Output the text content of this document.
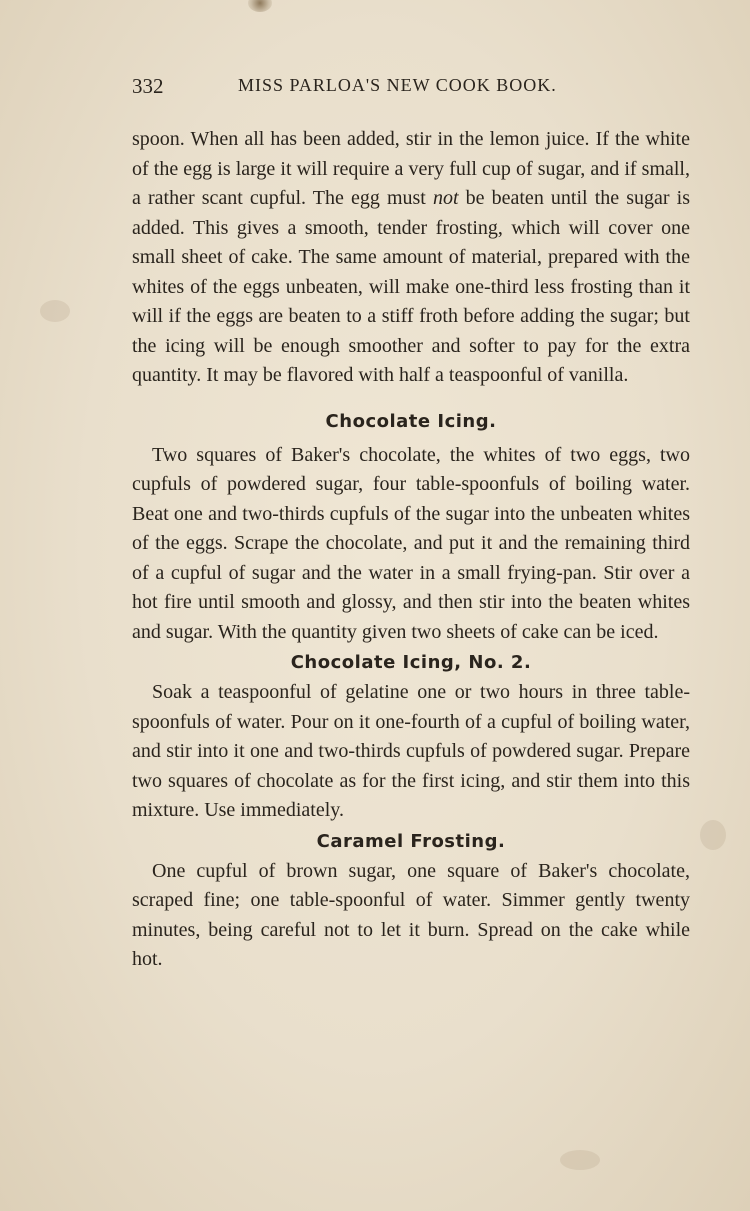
332	MISS PARLOA'S NEW COOK BOOK.

spoon. When all has been added, stir in the lemon juice. If the white of the egg is large it will require a very full cup of sugar, and if small, a rather scant cupful. The egg must not be beaten until the sugar is added. This gives a smooth, tender frosting, which will cover one small sheet of cake. The same amount of material, prepared with the whites of the eggs unbeaten, will make one-third less frosting than it will if the eggs are beaten to a stiff froth before adding the sugar; but the icing will be enough smoother and softer to pay for the extra quantity. It may be flavored with half a teaspoonful of vanilla.

Chocolate Icing.

Two squares of Baker's chocolate, the whites of two eggs, two cupfuls of powdered sugar, four table-spoonfuls of boiling water. Beat one and two-thirds cupfuls of the sugar into the unbeaten whites of the eggs. Scrape the chocolate, and put it and the remaining third of a cupful of sugar and the water in a small frying-pan. Stir over a hot fire until smooth and glossy, and then stir into the beaten whites and sugar. With the quantity given two sheets of cake can be iced.

Chocolate Icing, No. 2.

Soak a teaspoonful of gelatine one or two hours in three table-spoonfuls of water. Pour on it one-fourth of a cupful of boiling water, and stir into it one and two-thirds cupfuls of powdered sugar. Prepare two squares of chocolate as for the first icing, and stir them into this mixture. Use immediately.

Caramel Frosting.

One cupful of brown sugar, one square of Baker's chocolate, scraped fine; one table-spoonful of water. Simmer gently twenty minutes, being careful not to let it burn. Spread on the cake while hot.
